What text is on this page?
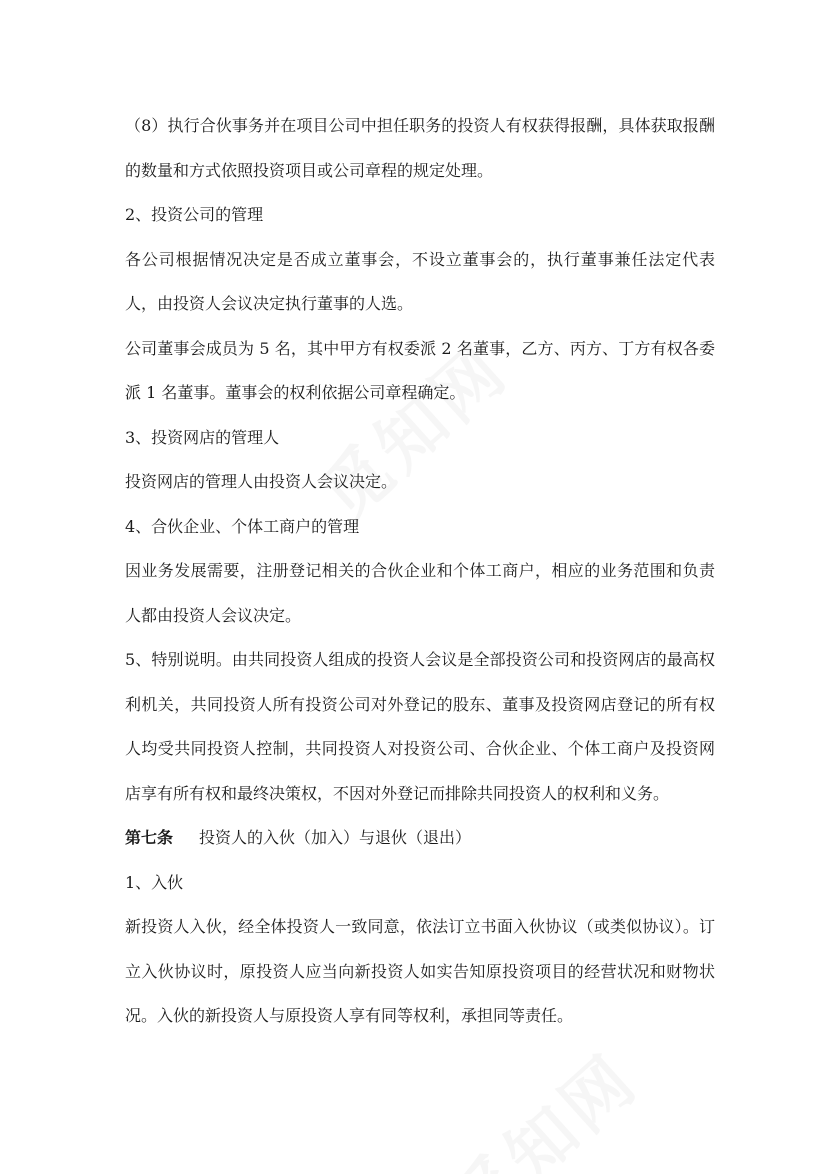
（8）执行合伙事务并在项目公司中担任职务的投资人有权获得报酬，具体获取报酬的数量和方式依照投资项目或公司章程的规定处理。

2、投资公司的管理

各公司根据情况决定是否成立董事会，不设立董事会的，执行董事兼任法定代表人，由投资人会议决定执行董事的人选。

公司董事会成员为 5 名，其中甲方有权委派 2 名董事，乙方、丙方、丁方有权各委派 1 名董事。董事会的权利依据公司章程确定。

3、投资网店的管理人

投资网店的管理人由投资人会议决定。

4、合伙企业、个体工商户的管理

因业务发展需要，注册登记相关的合伙企业和个体工商户，相应的业务范围和负责人都由投资人会议决定。

5、特别说明。由共同投资人组成的投资人会议是全部投资公司和投资网店的最高权利机关，共同投资人所有投资公司对外登记的股东、董事及投资网店登记的所有权人均受共同投资人控制，共同投资人对投资公司、合伙企业、个体工商户及投资网店享有所有权和最终决策权，不因对外登记而排除共同投资人的权利和义务。

第七条 投资人的入伙（加入）与退伙（退出）

1、入伙

新投资人入伙，经全体投资人一致同意，依法订立书面入伙协议（或类似协议）。订立入伙协议时，原投资人应当向新投资人如实告知原投资项目的经营状况和财物状况。入伙的新投资人与原投资人享有同等权利，承担同等责任。
